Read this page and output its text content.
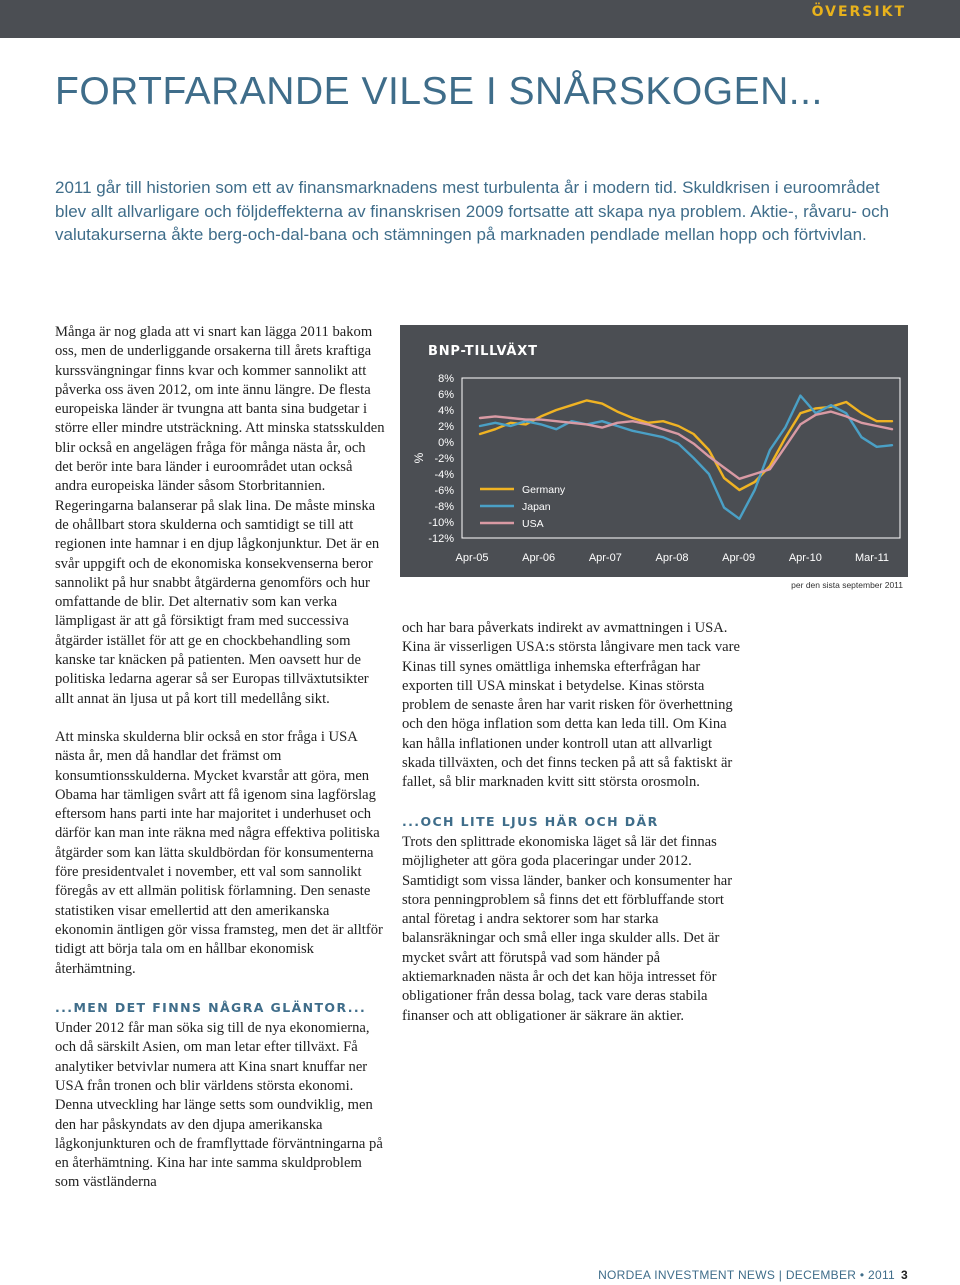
ÖVERSIKT
FORTFARANDE VILSE I SNÅRSKOGEN...

2011 går till historien som ett av finansmarknadens mest turbulenta år i modern tid. Skuldkrisen i euroområdet blev allt allvarligare och följdeffekterna av finanskrisen 2009 fortsatte att skapa nya problem. Aktie-, råvaru- och valutakurserna åkte berg-och-dal-bana och stämningen på marknaden pendlade mellan hopp och förtvivlan.

Många är nog glada att vi snart kan lägga 2011 bakom oss, men de underliggande orsakerna till årets kraftiga kurssvängningar finns kvar och kommer sannolikt att påverka oss även 2012, om inte ännu längre. De flesta europeiska länder är tvungna att banta sina budgetar i större eller mindre utsträckning. Att minska statsskulden blir också en angelägen fråga för många nästa år, och det berör inte bara länder i euroområdet utan också andra europeiska länder såsom Storbritannien. Regeringarna balanserar på slak lina. De måste minska de ohållbart stora skulderna och samtidigt se till att regionen inte hamnar i en djup lågkonjunktur. Det är en svår uppgift och de ekonomiska konsekvenserna beror sannolikt på hur snabbt åtgärderna genomförs och hur omfattande de blir. Det alternativ som kan verka lämpligast är att gå försiktigt fram med successiva åtgärder istället för att ge en chockbehandling som kanske tar knäcken på patienten. Men oavsett hur de politiska ledarna agerar så ser Europas tillväxtutsikter allt annat än ljusa ut på kort till medellång sikt.

Att minska skulderna blir också en stor fråga i USA nästa år, men då handlar det främst om konsumtionsskulderna. Mycket kvarstår att göra, men Obama har tämligen svårt att få igenom sina lagförslag eftersom hans parti inte har majoritet i underhuset och därför kan man inte räkna med några effektiva politiska åtgärder som kan lätta skuldbördan för konsumenterna före presidentvalet i november, ett val som sannolikt föregås av ett allmän politisk förlamning. Den senaste statistiken visar emellertid att den amerikanska ekonomin äntligen gör vissa framsteg, men det är alltför tidigt att börja tala om en hållbar ekonomisk återhämtning.

...MEN DET FINNS NÅGRA GLÄNTOR...

Under 2012 får man söka sig till de nya ekonomierna, och då särskilt Asien, om man letar efter tillväxt. Få analytiker betvivlar numera att Kina snart knuffar ner USA från tronen och blir världens största ekonomi. Denna utveckling har länge setts som oundviklig, men den har påskyndats av den djupa amerikanska lågkonjunkturen och de framflyttade förväntningarna på en återhämtning. Kina har inte samma skuldproblem som västländerna

BNP-TILLVÄXT
8%
6%
4%
2%
0%
-2%
-4%
-6%
-8%
-10%
-12%
%
Apr-05	Apr-06	Apr-07	Apr-08	Apr-09	Apr-10	Mar-11
Germany
Japan
USA
per den sista september 2011

och har bara påverkats indirekt av avmattningen i USA. Kina är visserligen USA:s största långivare men tack vare Kinas till synes omättliga inhemska efterfrågan har exporten till USA minskat i betydelse. Kinas största problem de senaste åren har varit risken för överhettning och den höga inflation som detta kan leda till. Om Kina kan hålla inflationen under kontroll utan att allvarligt skada tillväxten, och det finns tecken på att så faktiskt är fallet, så blir marknaden kvitt sitt största orosmoln.

...OCH LITE LJUS HÄR OCH DÄR

Trots den splittrade ekonomiska läget så lär det finnas möjligheter att göra goda placeringar under 2012. Samtidigt som vissa länder, banker och konsumenter har stora penningproblem så finns det ett förbluffande stort antal företag i andra sektorer som har starka balansräkningar och små eller inga skulder alls. Det är mycket svårt att förutspå vad som händer på aktiemarknaden nästa år och det kan höja intresset för obligationer från dessa bolag, tack vare deras stabila finanser och att obligationer är säkrare än aktier.

NORDEA INVESTMENT NEWS | DECEMBER • 2011 3
